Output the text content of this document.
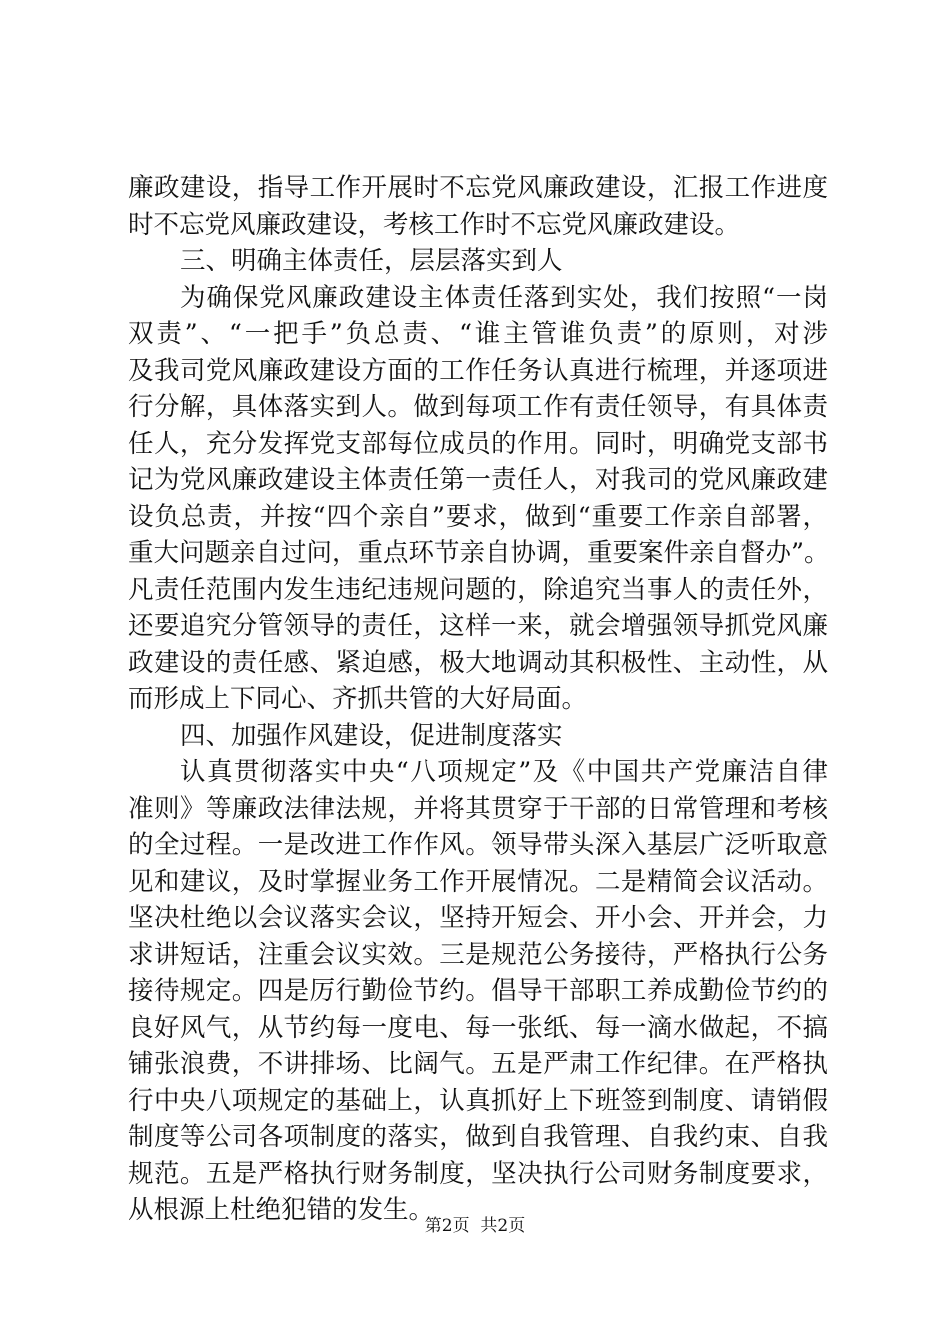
廉政建设，指导工作开展时不忘党风廉政建设，汇报工作进度
时不忘党风廉政建设，考核工作时不忘党风廉政建设。
三、明确主体责任，层层落实到人
为确保党风廉政建设主体责任落到实处，我们按照“一岗
双责”、“一把手”负总责、“谁主管谁负责”的原则，对涉
及我司党风廉政建设方面的工作任务认真进行梳理，并逐项进
行分解，具体落实到人。做到每项工作有责任领导，有具体责
任人，充分发挥党支部每位成员的作用。同时，明确党支部书
记为党风廉政建设主体责任第一责任人，对我司的党风廉政建
设负总责，并按“四个亲自”要求，做到“重要工作亲自部署，
重大问题亲自过问，重点环节亲自协调，重要案件亲自督办”。
凡责任范围内发生违纪违规问题的，除追究当事人的责任外，
还要追究分管领导的责任，这样一来，就会增强领导抓党风廉
政建设的责任感、紧迫感，极大地调动其积极性、主动性，从
而形成上下同心、齐抓共管的大好局面。
四、加强作风建设，促进制度落实
认真贯彻落实中央“八项规定”及《中国共产党廉洁自律
准则》等廉政法律法规，并将其贯穿于干部的日常管理和考核
的全过程。一是改进工作作风。领导带头深入基层广泛听取意
见和建议，及时掌握业务工作开展情况。二是精简会议活动。
坚决杜绝以会议落实会议，坚持开短会、开小会、开并会，力
求讲短话，注重会议实效。三是规范公务接待，严格执行公务
接待规定。四是厉行勤俭节约。倡导干部职工养成勤俭节约的
良好风气，从节约每一度电、每一张纸、每一滴水做起，不搞
铺张浪费，不讲排场、比阔气。五是严肃工作纪律。在严格执
行中央八项规定的基础上，认真抓好上下班签到制度、请销假
制度等公司各项制度的落实，做到自我管理、自我约束、自我
规范。五是严格执行财务制度，坚决执行公司财务制度要求，
从根源上杜绝犯错的发生。
第2页  共2页
